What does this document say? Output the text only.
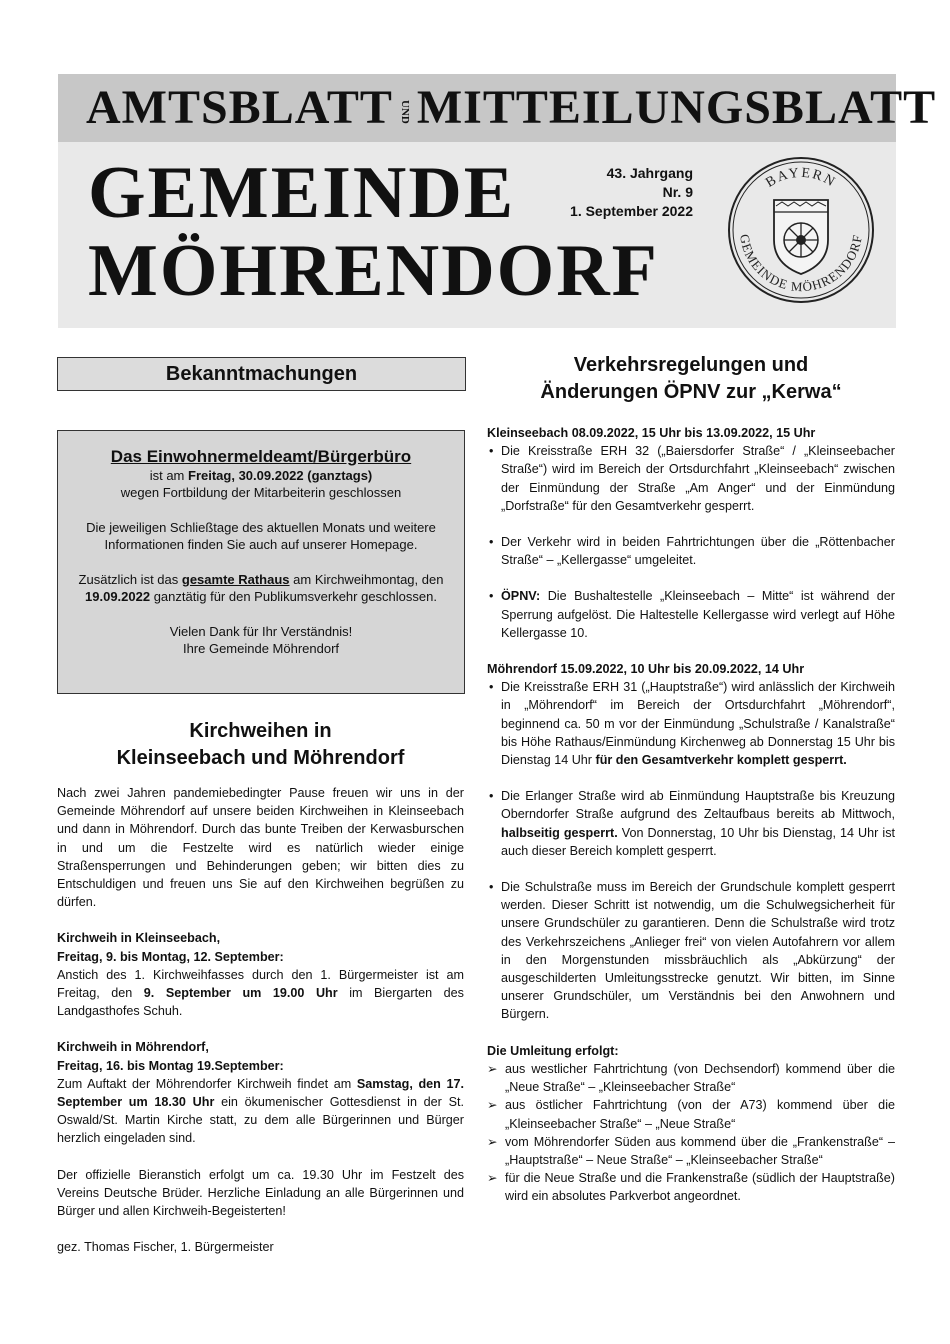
AMTSBLATT UND MITTEILUNGSBLATT
GEMEINDE
MÖHRENDORF
43. Jahrgang
Nr. 9
1. September 2022
BAYERN
GEMEINDE MÖHRENDORF
Bekanntmachungen
Das Einwohnermeldeamt/Bürgerbüro

ist am Freitag, 30.09.2022 (ganztags)

wegen Fortbildung der Mitarbeiterin geschlossen

Die jeweiligen Schließtage des aktuellen Monats und weitere Informationen finden Sie auch auf unserer Homepage.

Zusätzlich ist das gesamte Rathaus am Kirchweihmontag, den 19.09.2022 ganztätig für den Publikumsverkehr geschlossen.

Vielen Dank für Ihr Verständnis!

Ihre Gemeinde Möhrendorf

Kirchweihen in
Kleinseebach und Möhrendorf

Nach zwei Jahren pandemiebedingter Pause freuen wir uns in der Gemeinde Möhrendorf auf unsere beiden Kirchweihen in Kleinseebach und dann in Möhrendorf. Durch das bunte Treiben der Kerwasburschen in und um die Festzelte wird es natürlich wieder einige Straßensperrungen und Behinderungen geben; wir bitten dies zu Entschuldigen und freuen uns Sie auf den Kirchweihen begrüßen zu dürfen.

Kirchweih in Kleinseebach,

Freitag, 9. bis Montag, 12. September:

Anstich des 1. Kirchweihfasses durch den 1. Bürgermeister ist am Freitag, den 9. September um 19.00 Uhr im Biergarten des Landgasthofes Schuh.

Kirchweih in Möhrendorf,

Freitag, 16. bis Montag 19.September:

Zum Auftakt der Möhrendorfer Kirchweih findet am Samstag, den 17. September um 18.30 Uhr ein ökumenischer Gottesdienst in der St. Oswald/St. Martin Kirche statt, zu dem alle Bürgerinnen und Bürger herzlich eingeladen sind.

Der offizielle Bieranstich erfolgt um ca. 19.30 Uhr im Festzelt des Vereins Deutsche Brüder. Herzliche Einladung an alle Bürgerinnen und Bürger und allen Kirchweih-Begeisterten!

gez. Thomas Fischer, 1. Bürgermeister

Verkehrsregelungen und
Änderungen ÖPNV zur „Kerwa“
Kleinseebach 08.09.2022, 15 Uhr bis 13.09.2022, 15 Uhr
• Die Kreisstraße ERH 32 („Baiersdorfer Straße“ / „Kleinseebacher Straße“) wird im Bereich der Ortsdurchfahrt „Kleinseebach“ zwischen der Einmündung der Straße „Am Anger“ und der Einmündung „Dorfstraße“ für den Gesamtverkehr gesperrt.
• Der Verkehr wird in beiden Fahrtrichtungen über die „Röttenbacher Straße“ – „Kellergasse“ umgeleitet.
• ÖPNV: Die Bushaltestelle „Kleinseebach – Mitte“ ist während der Sperrung aufgelöst. Die Haltestelle Kellergasse wird verlegt auf Höhe Kellergasse 10.
Möhrendorf 15.09.2022, 10 Uhr bis 20.09.2022, 14 Uhr
• Die Kreisstraße ERH 31 („Hauptstraße“) wird anlässlich der Kirchweih in „Möhrendorf“ im Bereich der Ortsdurchfahrt „Möhrendorf“, beginnend ca. 50 m vor der Einmündung „Schulstraße / Kanalstraße“ bis Höhe Rathaus/Einmündung Kirchenweg ab Donnerstag 15 Uhr bis Dienstag 14 Uhr für den Gesamtverkehr komplett gesperrt.
• Die Erlanger Straße wird ab Einmündung Hauptstraße bis Kreuzung Oberndorfer Straße aufgrund des Zeltaufbaus bereits ab Mittwoch, halbseitig gesperrt. Von Donnerstag, 10 Uhr bis Dienstag, 14 Uhr ist auch dieser Bereich komplett gesperrt.
• Die Schulstraße muss im Bereich der Grundschule komplett gesperrt werden. Dieser Schritt ist notwendig, um die Schulwegsicherheit für unsere Grundschüler zu garantieren. Denn die Schulstraße wird trotz des Verkehrszeichens „Anlieger frei“ von vielen Autofahrern vor allem in den Morgenstunden missbräuchlich als „Abkürzung“ der ausgeschilderten Umleitungsstrecke genutzt. Wir bitten, im Sinne unserer Grundschüler, um Verständnis bei den Anwohnern und Bürgern.
Die Umleitung erfolgt:
➢ aus westlicher Fahrtrichtung (von Dechsendorf) kommend über die „Neue Straße“ – „Kleinseebacher Straße“
➢ aus östlicher Fahrtrichtung (von der A73) kommend über die „Kleinseebacher Straße“ – „Neue Straße“
➢ vom Möhrendorfer Süden aus kommend über die „Frankenstraße“ – „Hauptstraße“ – Neue Straße“ – „Kleinseebacher Straße“
➢ für die Neue Straße und die Frankenstraße (südlich der Hauptstraße) wird ein absolutes Parkverbot angeordnet.
